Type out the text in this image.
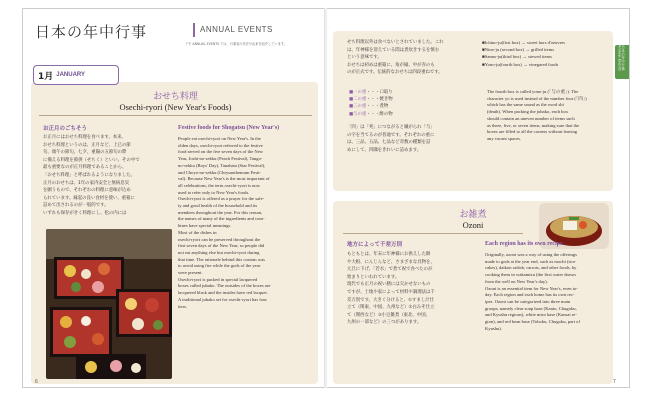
日本の年中行事	ANNUAL EVENTS
デモ ANNUAL EVENTS では、行事食の作法や由来を紹介しています。
1月 JANUARY
おせち料理
Osechi-ryori (New Year's Foods)
お正月のごちそう
お正月にはおせち料理を食べます。本来、
おせち料理というのは、正月など、上巳の節
句、端午の節句、七夕、重陽の五節句の際
に備える料理を節供（せちく）といい、その中で
最も重要なのが正月料理であることから、
「おせち料理」と呼ばれるようになりました。
正月のおせちは、1年の家内安全と無病息災
を願うもので、それぞれの料理に意味が込め
られています。縁起の良い食材を使い、重箱に
詰めて出されるのが一般的です。
いずれも保存がきく料理にし、松の内には
Festive foods for Shogatsu (New Year's)
People eat osechi-ryori on New Year's. In the
olden days, osechi-ryori referred to the festive
food served on the five seven days of the New
Year, Joshi-no-sekku (Peach Festival), Tango-
no-sekku (Boys' Day), Tanabata (Star Festival),
and Choyo-no-sekku (Chrysanthemum Festi-
val). Because New Year's is the most important of
all celebrations, the term osechi-ryori is now
used to refer only to New Year's foods.
Osechi-ryori is offered as a prayer for the safe-
ty and good health of the household and its
members throughout the year. For this reason,
the names of many of the ingredients and com-
bines have special meanings.
Most of the dishes in
osechi-ryori can be preserved throughout the
first seven days of the New Year, so people did
not eat anything else but osechi-ryori during
that time. The rationale behind this custom was
to avoid using fire while the gods of the year
were present.
Osechi-ryori is packed in special lacquered
boxes called jubako. The outsides of the boxes are
lacquered black and the insides have red lacquer.
A traditional jubako set for osechi-ryori has four
tiers.
6
せち料理以外は食べないとされていました。これ
は、年神様を迎えている間は煮炊きするを慎む
という意味です。
おせちは初めは重箱に、角が縁、中が赤のも
のが正式です。伝統的なおせちは四段重ねです。
■一の重・・・口取り
■二の重・・・焼き物
■三の重・・・煮物
■与の重・・・酢の物
「四」は「死」につながると嫌がられ「与」
の字を当てるのが普通です。それぞれの重に
は、三品、五品、七品など奇数の種類を詰
めにして、四隅をきれいに詰めます。
■Ichino-ju(first box) → sweet hors d'oeuvres
■Nino-ju (second box) → grilled items
■Sanno-ju(third box) → stewed items
■Yono-ju(fourth box) → vinegared foods
The fourth box is called yono-ju (「与の重」). The
character yo is used instead of the number four (「四」)
which has the same sound as the word shi
(death). When packing the jubako, each box
should contain an uneven number of items such
as three, five, or seven items, making sure that the
boxes are filled to all the corners without leaving
any vacant spaces.
日本の年中行事 Annual Events
お雑煮
Ozoni
地方によって千差万別
もともとは、年末に年神様にお供えした餅
や大根、にんじんなど、さまざまな具物を、
元旦に下げ、「若水」で煮て祝で食べたのが
始まりといわれています。
現代でも正月の祝い膳には欠かせないもの
ですが、土地や家によって材料や調理法は千
差万別です。大きく分けると、①すまし汁仕
立て（関東、中国、九州など）②白みそ仕立
て（関西など）③小豆雑煮（東北、中国、
九州の一部など）の三つがあります。
Each region has its own recipe.
Originally, ozoni was a way of using the offerings
made to gods at the year end, such as mochi (rice
cakes), daikon radish, carrots, and other foods, by
cooking them in wakamizu (the first water drawn
from the well on New Year's day).
Ozoni is an essential item for New Year's, even to-
day. Each region and each home has its own rec-
ipes. Ozoni can be categorized into three main
groups, namely clear soup base (Kanto, Chugoku,
and Kyushu regions), white miso base (Kansai re-
gion), and red bean base (Tohoku, Chugoku, part of
Kyushu).
7
